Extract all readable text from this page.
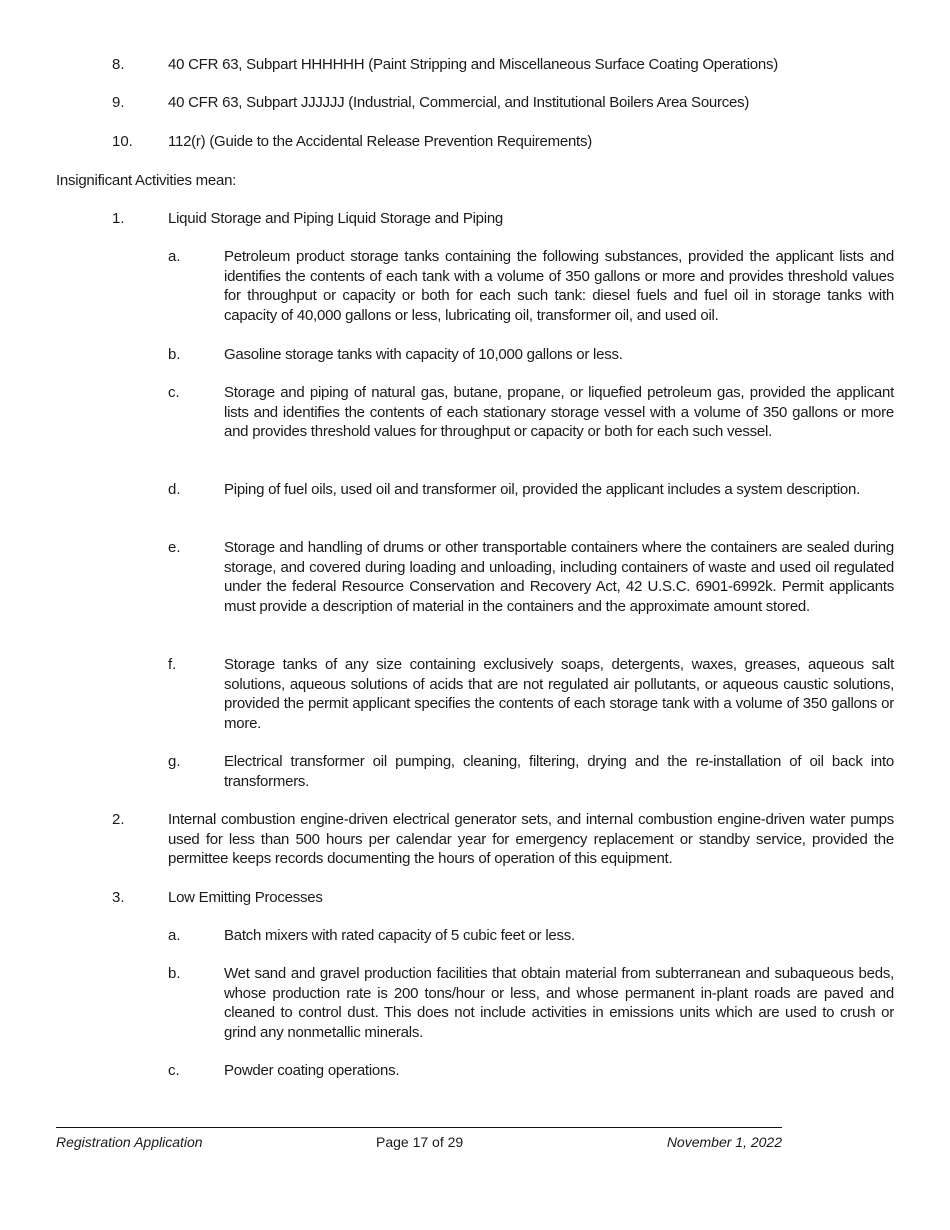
8.	40 CFR 63, Subpart HHHHHH (Paint Stripping and Miscellaneous Surface Coating Operations)
9.	40 CFR 63, Subpart JJJJJJ (Industrial, Commercial, and Institutional Boilers Area Sources)
10. 112(r) (Guide to the Accidental Release Prevention Requirements)
Insignificant Activities mean:
1.	Liquid Storage and Piping Liquid Storage and Piping
a.	Petroleum product storage tanks containing the following substances, provided the applicant lists and identifies the contents of each tank with a volume of 350 gallons or more and provides threshold values for throughput or capacity or both for each such tank: diesel fuels and fuel oil in storage tanks with capacity of 40,000 gallons or less, lubricating oil, transformer oil, and used oil.
b.	Gasoline storage tanks with capacity of 10,000 gallons or less.
c.	Storage and piping of natural gas, butane, propane, or liquefied petroleum gas, provided the applicant lists and identifies the contents of each stationary storage vessel with a volume of 350 gallons or more and provides threshold values for throughput or capacity or both for each such vessel.
d.	Piping of fuel oils, used oil and transformer oil, provided the applicant includes a system description.
e.	Storage and handling of drums or other transportable containers where the containers are sealed during storage, and covered during loading and unloading, including containers of waste and used oil regulated under the federal Resource Conservation and Recovery Act, 42 U.S.C. 6901-6992k. Permit applicants must provide a description of material in the containers and the approximate amount stored.
f.	Storage tanks of any size containing exclusively soaps, detergents, waxes, greases, aqueous salt solutions, aqueous solutions of acids that are not regulated air pollutants, or aqueous caustic solutions, provided the permit applicant specifies the contents of each storage tank with a volume of 350 gallons or more.
g.	Electrical transformer oil pumping, cleaning, filtering, drying and the re-installation of oil back into transformers.
2.	Internal combustion engine-driven electrical generator sets, and internal combustion engine-driven water pumps used for less than 500 hours per calendar year for emergency replacement or standby service, provided the permittee keeps records documenting the hours of operation of this equipment.
3.	Low Emitting Processes
a.	Batch mixers with rated capacity of 5 cubic feet or less.
b.	Wet sand and gravel production facilities that obtain material from subterranean and subaqueous beds, whose production rate is 200 tons/hour or less, and whose permanent in-plant roads are paved and cleaned to control dust. This does not include activities in emissions units which are used to crush or grind any nonmetallic minerals.
c.	Powder coating operations.
Registration Application	Page 17 of 29	November 1, 2022
